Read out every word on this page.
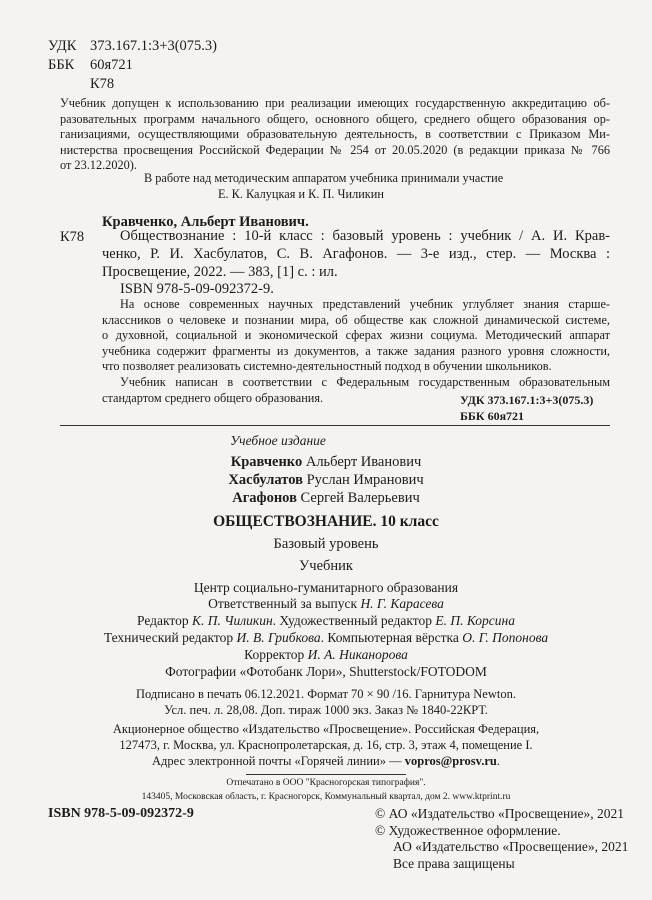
УДК 373.167.1:3+3(075.3)
ББК	60я721
К78
Учебник допущен к использованию при реализации имеющих государственную аккредитацию об-
разовательных программ начального общего, основного общего, среднего общего образования ор-
ганизациями, осуществляющими образовательную деятельность, в соответствии с Приказом Ми-
нистерства просвещения Российской Федерации № 254 от 20.05.2020 (в редакции приказа № 766
от 23.12.2020).
В работе над методическим аппаратом учебника принимали участие
Е. К. Калуцкая и К. П. Чиликин
Кравченко, Альберт Иванович.
К78	Обществознание : 10-й класс : базовый уровень : учебник / А. И. Крав-
ченко, Р. И. Хасбулатов, С. В. Агафонов. — 3-е изд., стер. — Москва :
Просвещение, 2022. — 383, [1] с. : ил.
ISBN 978-5-09-092372-9.
На основе современных научных представлений учебник углубляет знания старше-
классников о человеке и познании мира, об обществе как сложной динамической системе,
о духовной, социальной и экономической сферах жизни социума. Методический аппарат
учебника содержит фрагменты из документов, а также задания разного уровня сложности,
что позволяет реализовать системно-деятельностный подход в обучении школьников.
Учебник написан в соответствии с Федеральным государственным образовательным
стандартом среднего общего образования.	УДК 373.167.1:3+3(075.3)
ББК 60я721
Учебное издание
Кравченко Альберт Иванович
Хасбулатов Руслан Имранович
Агафонов Сергей Валерьевич
ОБЩЕСТВОЗНАНИЕ. 10 класс
Базовый уровень
Учебник
Центр социально-гуманитарного образования
Ответственный за выпуск Н. Г. Карасева
Редактор К. П. Чиликин. Художественный редактор Е. П. Корсина
Технический редактор И. В. Грибкова. Компьютерная вёрстка О. Г. Попонова
Корректор И. А. Никанорова
Фотографии «Фотобанк Лори», Shutterstock/FOTODOM
Подписано в печать 06.12.2021. Формат 70 × 90 /16. Гарнитура Newton.
Усл. печ. л. 28,08. Доп. тираж 1000 экз. Заказ № 1840-22КРТ.
Акционерное общество «Издательство «Просвещение». Российская Федерация,
127473, г. Москва, ул. Краснопролетарская, д. 16, стр. 3, этаж 4, помещение I.
Адрес электронной почты «Горячей линии» — vopros@prosv.ru.
Отпечатано в ООО "Красногорская типография".
143405, Московская область, г. Красногорск, Коммунальный квартал, дом 2. www.ktprint.ru
ISBN 978-5-09-092372-9	© АО «Издательство «Просвещение», 2021
© Художественное оформление.
АО «Издательство «Просвещение», 2021
Все права защищены
